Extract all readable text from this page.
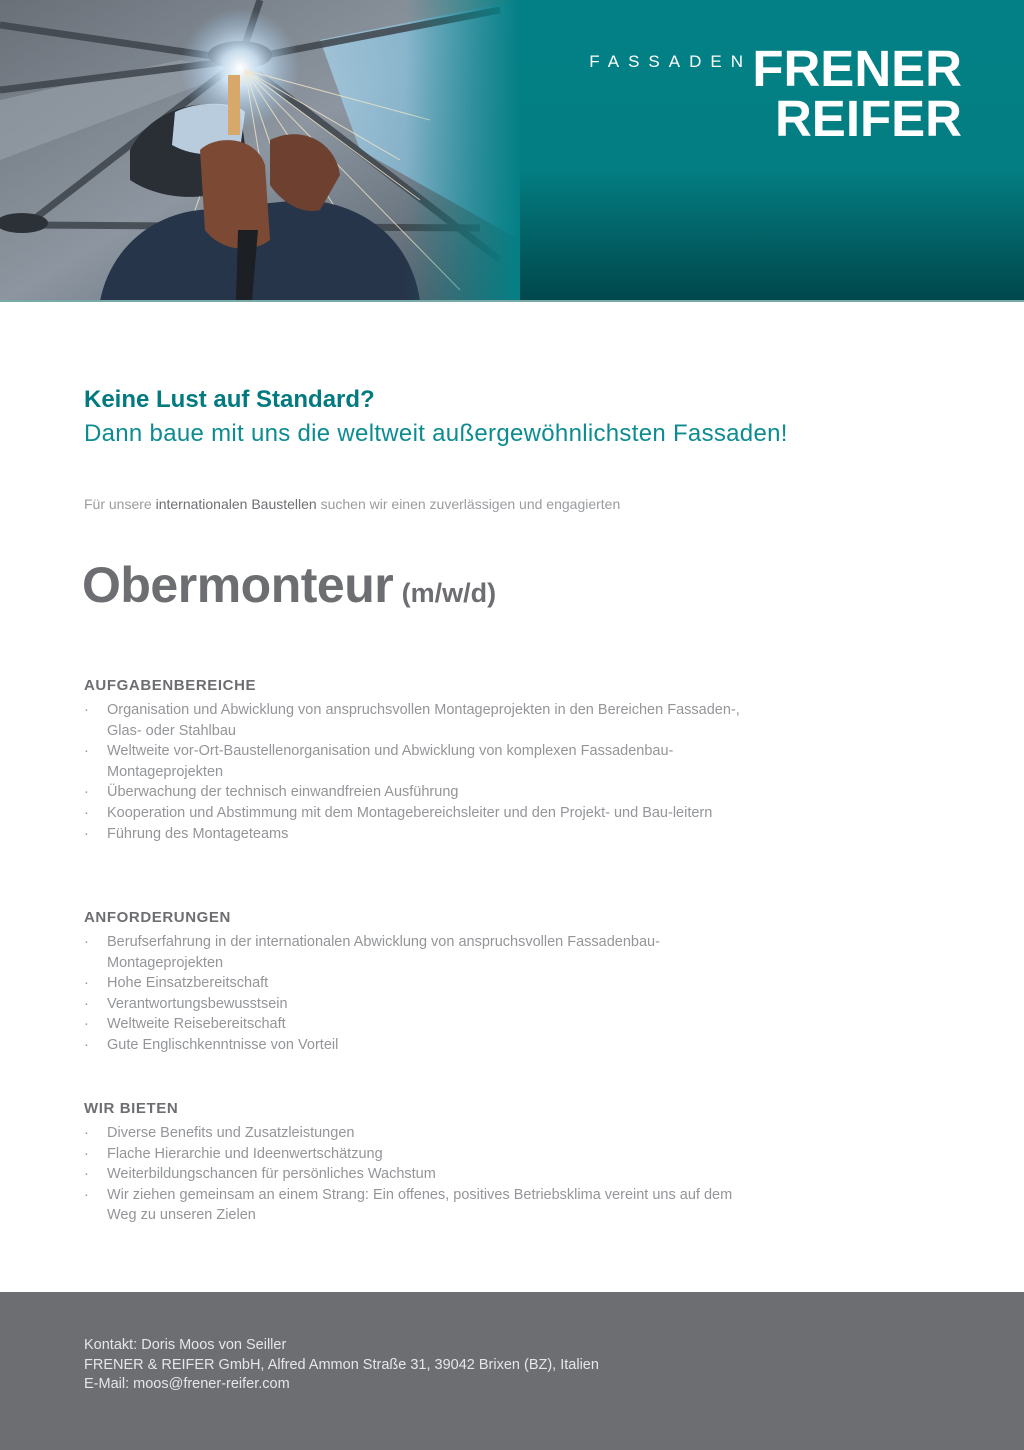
FASSADEN FRENER
REIFER
Keine Lust auf Standard?
Dann baue mit uns die weltweit außergewöhnlichsten Fassaden!
Für unsere internationalen Baustellen suchen wir einen zuverlässigen und engagierten
Obermonteur (m/w/d)
AUFGABENBEREICHE
· Organisation und Abwicklung von anspruchsvollen Montageprojekten in den Bereichen Fassaden-, Glas- oder Stahlbau
· Weltweite vor-Ort-Baustellenorganisation und Abwicklung von komplexen Fassadenbau-Montageprojekten
· Überwachung der technisch einwandfreien Ausführung
· Kooperation und Abstimmung mit dem Montagebereichsleiter und den Projekt- und Bau-leitern
· Führung des Montageteams
ANFORDERUNGEN
· Berufserfahrung in der internationalen Abwicklung von anspruchsvollen Fassadenbau-Montageprojekten
· Hohe Einsatzbereitschaft
· Verantwortungsbewusstsein
· Weltweite Reisebereitschaft
· Gute Englischkenntnisse von Vorteil
WIR BIETEN
· Diverse Benefits und Zusatzleistungen
· Flache Hierarchie und Ideenwertschätzung
· Weiterbildungschancen für persönliches Wachstum
· Wir ziehen gemeinsam an einem Strang: Ein offenes, positives Betriebsklima vereint uns auf dem Weg zu unseren Zielen
Kontakt: Doris Moos von Seiller
FRENER & REIFER GmbH, Alfred Ammon Straße 31, 39042 Brixen (BZ), Italien
E-Mail: moos@frener-reifer.com
